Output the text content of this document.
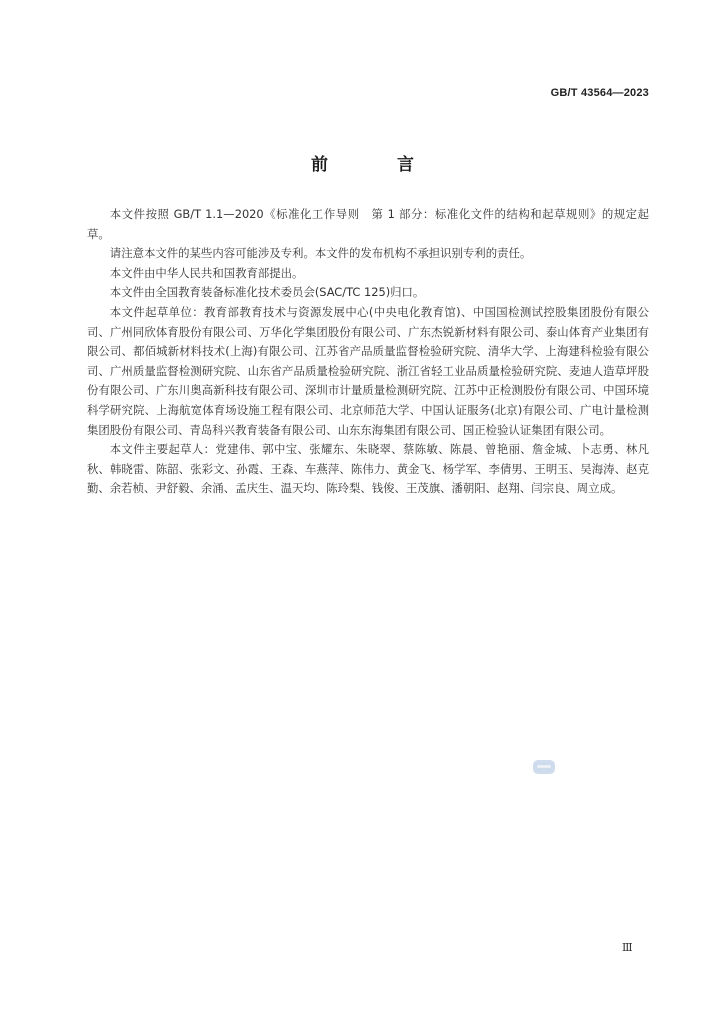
GB/T 43564—2023
前　言

本文件按照 GB/T 1.1—2020《标准化工作导则　第 1 部分：标准化文件的结构和起草规则》的规定起草。

请注意本文件的某些内容可能涉及专利。本文件的发布机构不承担识别专利的责任。

本文件由中华人民共和国教育部提出。

本文件由全国教育装备标准化技术委员会(SAC/TC 125)归口。

本文件起草单位：教育部教育技术与资源发展中心(中央电化教育馆)、中国国检测试控股集团股份有限公司、广州同欣体育股份有限公司、万华化学集团股份有限公司、广东杰锐新材料有限公司、泰山体育产业集团有限公司、都佰城新材料技术(上海)有限公司、江苏省产品质量监督检验研究院、清华大学、上海建科检验有限公司、广州质量监督检测研究院、山东省产品质量检验研究院、浙江省轻工业品质量检验研究院、麦迪人造草坪股份有限公司、广东川奥高新科技有限公司、深圳市计量质量检测研究院、江苏中正检测股份有限公司、中国环境科学研究院、上海航宽体育场设施工程有限公司、北京师范大学、中国认证服务(北京)有限公司、广电计量检测集团股份有限公司、青岛科兴教育装备有限公司、山东东海集团有限公司、国正检验认证集团有限公司。

本文件主要起草人：党建伟、郭中宝、张耀东、朱晓翠、蔡陈敏、陈晨、曾艳丽、詹金城、卜志勇、林凡秋、韩晓雷、陈韶、张彩文、孙霞、王森、车燕萍、陈伟力、黄金飞、杨学军、李倩男、王明玉、吴海涛、赵克勤、余若桢、尹舒毅、余涌、孟庆生、温天均、陈玲梨、钱俊、王茂旗、潘朝阳、赵翔、闫宗良、周立成。

Ⅲ
